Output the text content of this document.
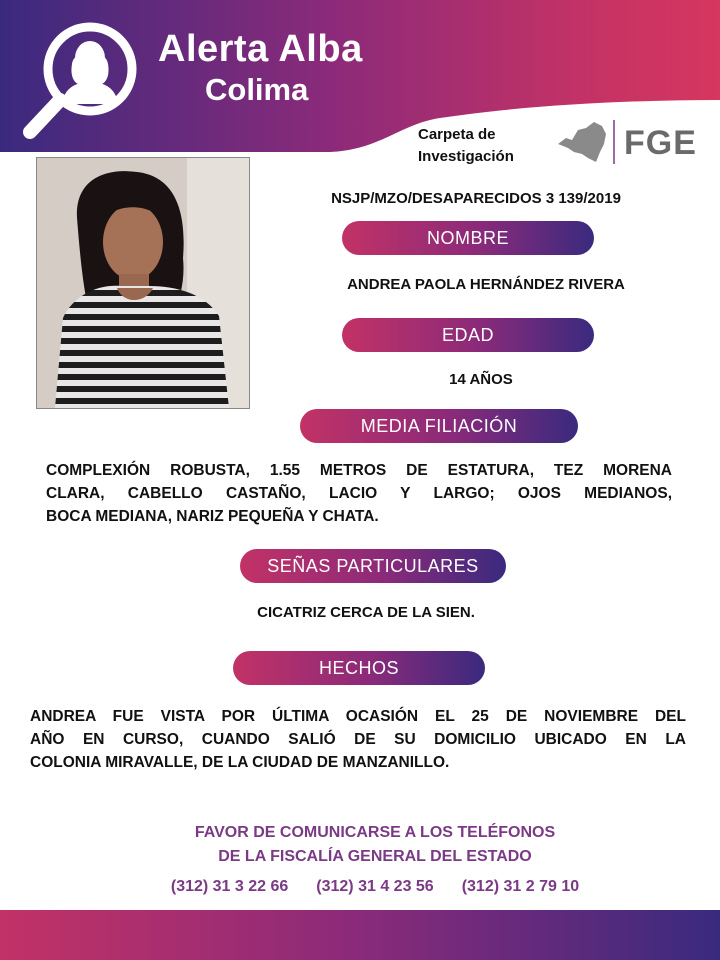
Alerta Alba
Colima
Carpeta de
Investigación	FGE
NSJP/MZO/DESAPARECIDOS 3 139/2019
NOMBRE
ANDREA PAOLA HERNÁNDEZ RIVERA
EDAD
14 AÑOS
MEDIA FILIACIÓN
COMPLEXIÓN ROBUSTA, 1.55 METROS DE ESTATURA, TEZ MORENA
CLARA, CABELLO CASTAÑO, LACIO Y LARGO; OJOS MEDIANOS,
BOCA MEDIANA, NARIZ PEQUEÑA Y CHATA.
SEÑAS PARTICULARES
CICATRIZ CERCA DE LA SIEN.
HECHOS
ANDREA FUE VISTA POR ÚLTIMA OCASIÓN EL 25 DE NOVIEMBRE DEL
AÑO EN CURSO, CUANDO SALIÓ DE SU DOMICILIO UBICADO EN LA
COLONIA MIRAVALLE, DE LA CIUDAD DE MANZANILLO.
FAVOR DE COMUNICARSE A LOS TELÉFONOS
DE LA FISCALÍA GENERAL DEL ESTADO
(312) 31 3 22 66 (312) 31 4 23 56 (312) 31 2 79 10
